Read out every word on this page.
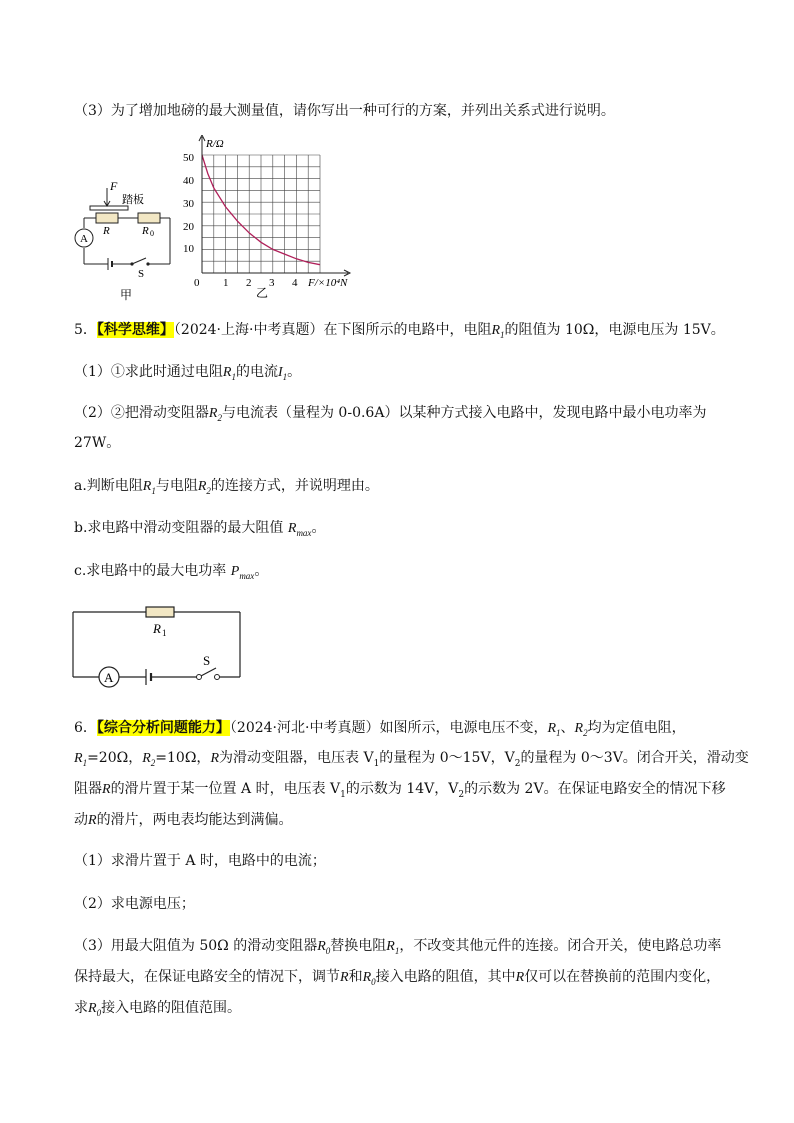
（3）为了增加地磅的最大测量值，请你写出一种可行的方案，并列出关系式进行说明。
F
踏板
R	R 0
A
S
甲
R/Ω
F/×10⁴N
0 1 2 3 4
10
20
30
40
50
乙
5．【科学思维】（2024·上海·中考真题）在下图所示的电路中，电阻$R_1$的阻值为 10Ω，电源电压为 15V。
（1）①求此时通过电阻$R_1$的电流$I_1$。
（2）②把滑动变阻器$R_2$与电流表（量程为 0-0.6A）以某种方式接入电路中，发现电路中最小电功率为
27W。
a.判断电阻$R_1$与电阻$R_2$的连接方式，并说明理由。
b.求电路中滑动变阻器的最大阻值 $R_{max}$。
c.求电路中的最大电功率 $P_{max}$。
R 1
A
S
6．【综合分析问题能力】（2024·河北·中考真题）如图所示，电源电压不变，$R_1$、$R_2$均为定值电阻，
$R_1=20\Omega$，$R_2=10\Omega$，R为滑动变阻器，电压表 $V_1$的量程为 0～15V，$V_2$的量程为 0～3V。闭合开关，滑动变
阻器R的滑片置于某一位置 A 时，电压表 $V_1$的示数为 14V，$V_2$的示数为 2V。在保证电路安全的情况下移
动R的滑片，两电表均能达到满偏。
（1）求滑片置于 A 时，电路中的电流；
（2）求电源电压；
（3）用最大阻值为 50Ω 的滑动变阻器$R_0$替换电阻$R_1$，不改变其他元件的连接。闭合开关，使电路总功率
保持最大，在保证电路安全的情况下，调节R和$R_0$接入电路的阻值，其中R仅可以在替换前的范围内变化，
求$R_0$接入电路的阻值范围。
